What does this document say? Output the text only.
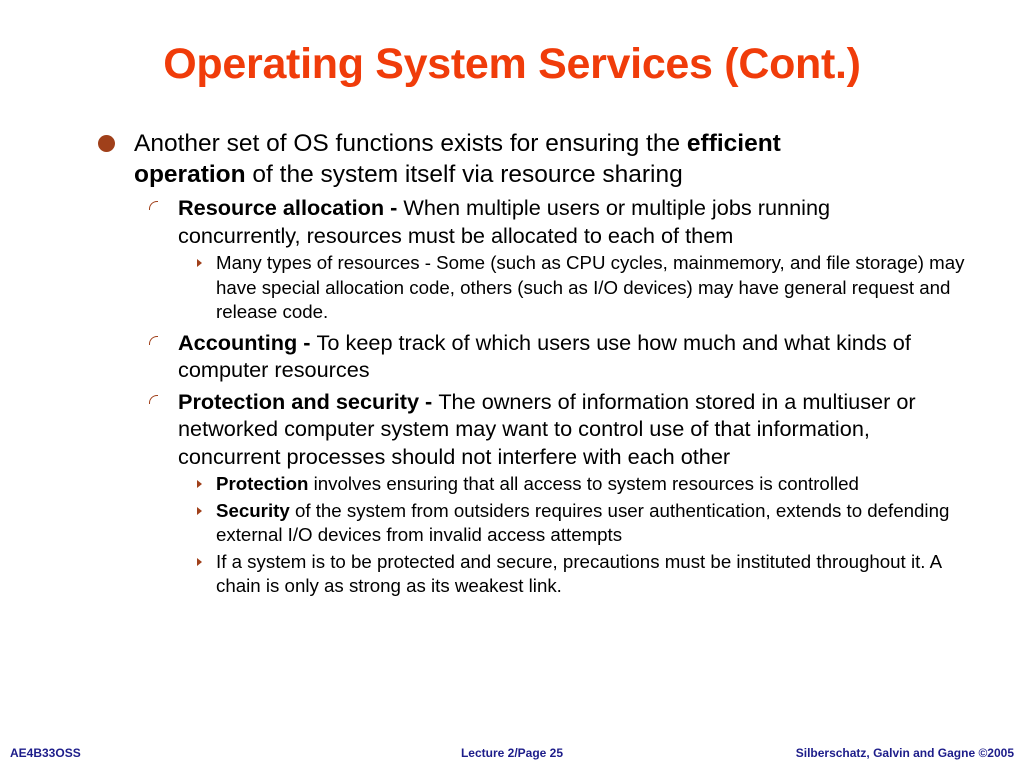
Operating System Services (Cont.)
Another set of OS functions exists for ensuring the efficient operation of the system itself via resource sharing
Resource allocation - When multiple users or multiple jobs running concurrently, resources must be allocated to each of them
Many types of resources - Some (such as CPU cycles, mainmemory, and file storage) may have special allocation code, others (such as I/O devices) may have general request and release code.
Accounting - To keep track of which users use how much and what kinds of computer resources
Protection and security - The owners of information stored in a multiuser or networked computer system may want to control use of that information, concurrent processes should not interfere with each other
Protection involves ensuring that all access to system resources is controlled
Security of the system from outsiders requires user authentication, extends to defending external I/O devices from invalid access attempts
If a system is to be protected and secure, precautions must be instituted throughout it. A chain is only as strong as its weakest link.
AE4B33OSS	Lecture 2/Page 25	Silberschatz, Galvin and Gagne ©2005
